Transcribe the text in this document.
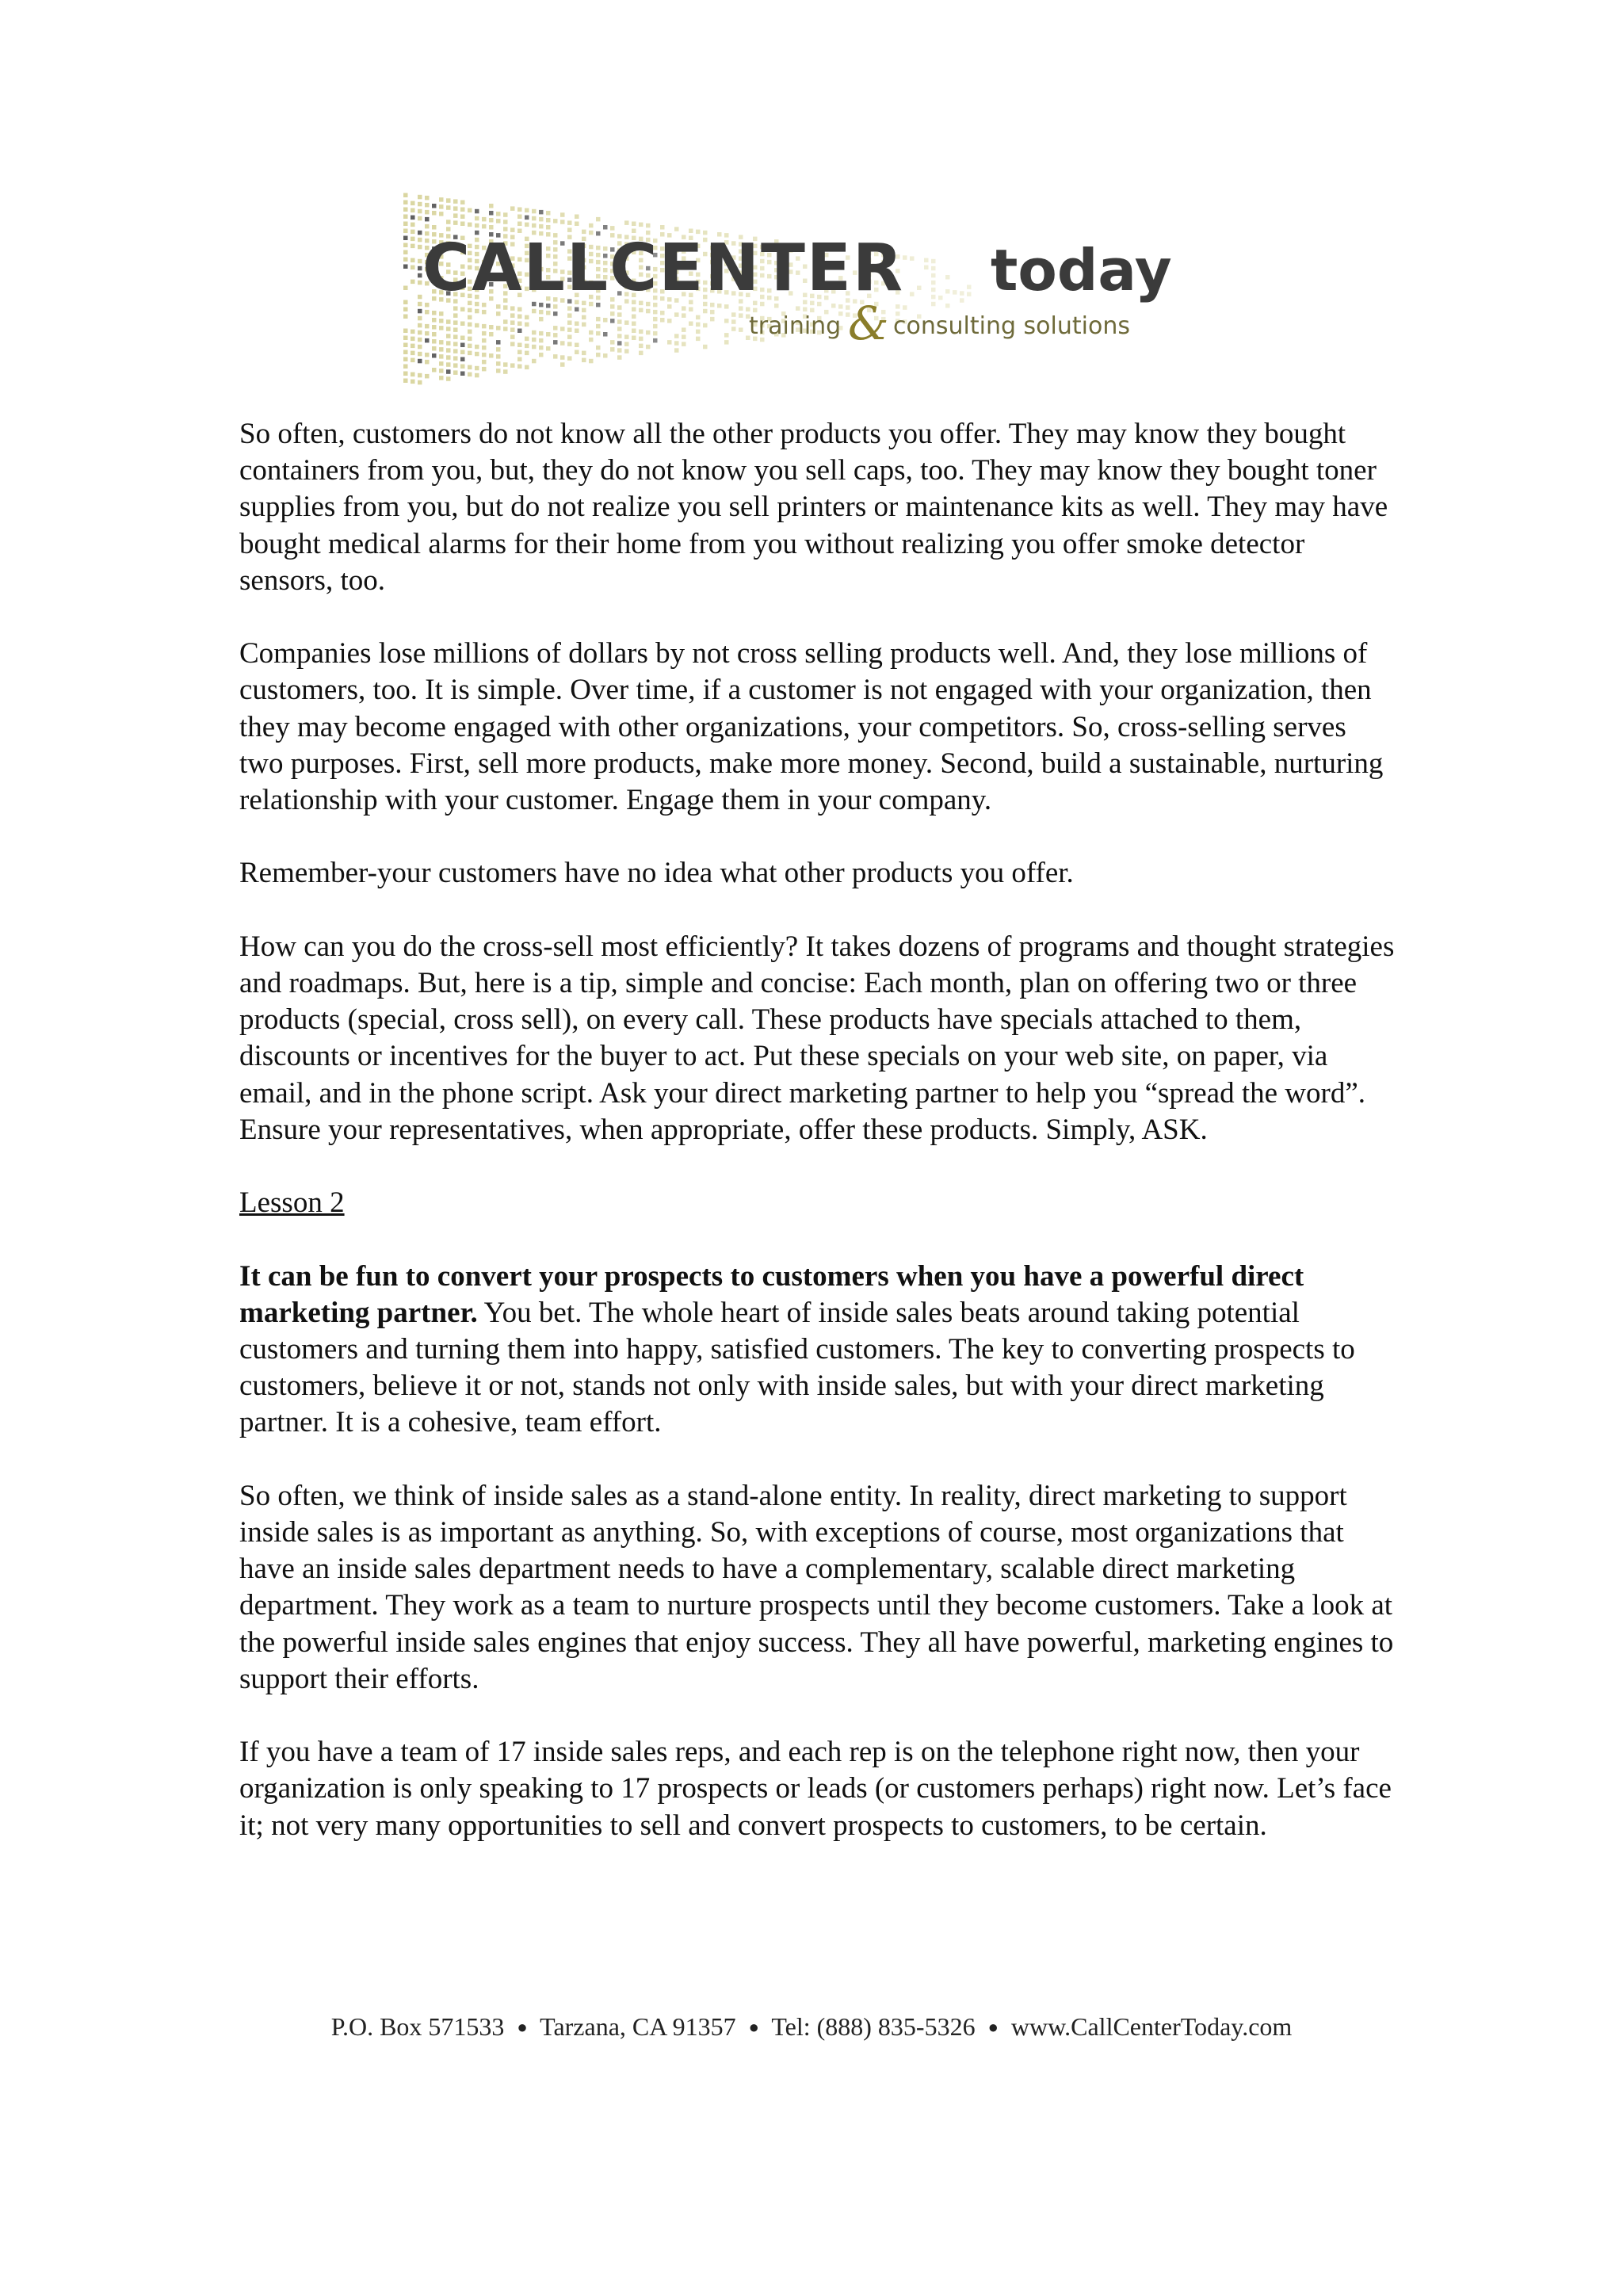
CALLCENTER today
training & consulting solutions

So often, customers do not know all the other products you offer. They may know they bought containers from you, but, they do not know you sell caps, too. They may know they bought toner supplies from you, but do not realize you sell printers or maintenance kits as well. They may have bought medical alarms for their home from you without realizing you offer smoke detector sensors, too.

Companies lose millions of dollars by not cross selling products well. And, they lose millions of customers, too. It is simple. Over time, if a customer is not engaged with your organization, then they may become engaged with other organizations, your competitors. So, cross-selling serves two purposes. First, sell more products, make more money. Second, build a sustainable, nurturing relationship with your customer. Engage them in your company.

Remember-your customers have no idea what other products you offer.

How can you do the cross-sell most efficiently? It takes dozens of programs and thought strategies and roadmaps. But, here is a tip, simple and concise: Each month, plan on offering two or three products (special, cross sell), on every call. These products have specials attached to them, discounts or incentives for the buyer to act. Put these specials on your web site, on paper, via email, and in the phone script. Ask your direct marketing partner to help you “spread the word”. Ensure your representatives, when appropriate, offer these products. Simply, ASK.

Lesson 2

It can be fun to convert your prospects to customers when you have a powerful direct marketing partner. You bet. The whole heart of inside sales beats around taking potential customers and turning them into happy, satisfied customers. The key to converting prospects to customers, believe it or not, stands not only with inside sales, but with your direct marketing partner. It is a cohesive, team effort.

So often, we think of inside sales as a stand-alone entity. In reality, direct marketing to support inside sales is as important as anything. So, with exceptions of course, most organizations that have an inside sales department needs to have a complementary, scalable direct marketing department. They work as a team to nurture prospects until they become customers. Take a look at the powerful inside sales engines that enjoy success. They all have powerful, marketing engines to support their efforts.

If you have a team of 17 inside sales reps, and each rep is on the telephone right now, then your organization is only speaking to 17 prospects or leads (or customers perhaps) right now. Let’s face it; not very many opportunities to sell and convert prospects to customers, to be certain.

P.O. Box 571533 ● Tarzana, CA 91357 ● Tel: (888) 835-5326 ● www.CallCenterToday.com
